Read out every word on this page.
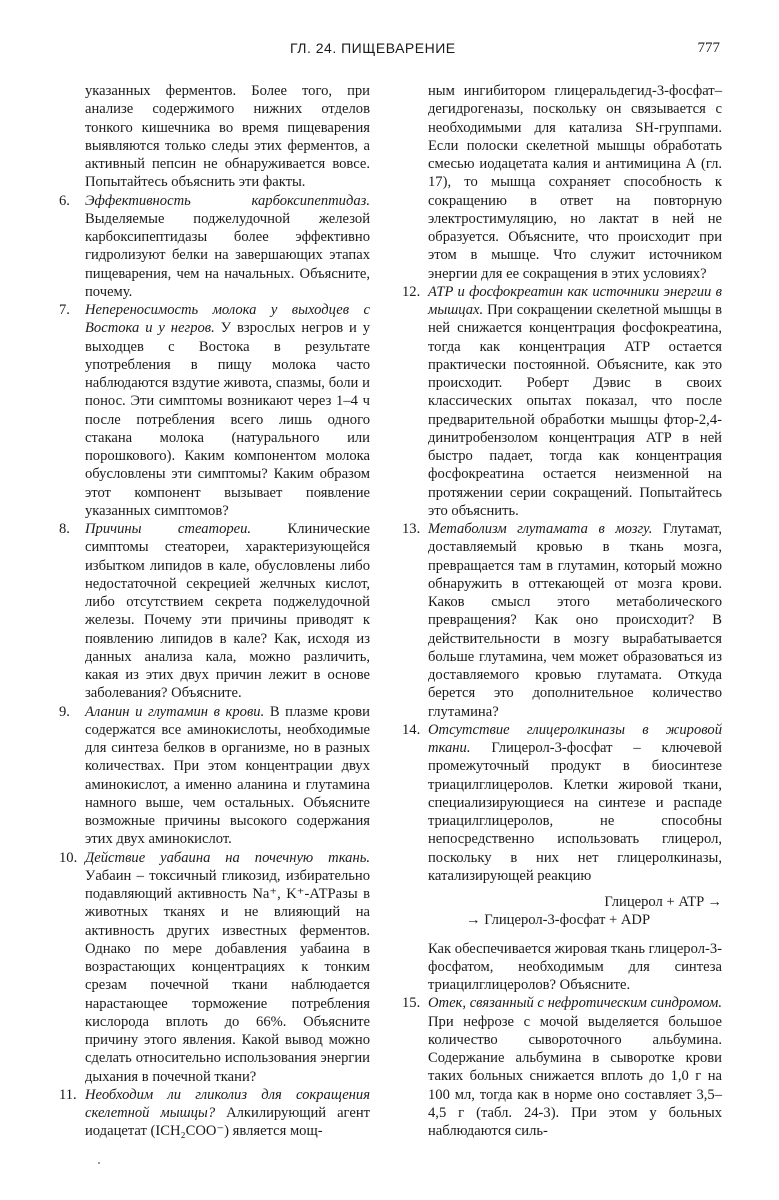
ГЛ. 24. ПИЩЕВАРЕНИЕ	777
указанных ферментов. Более того, при анализе содержимого нижних отделов тонкого кишечника во время пищеварения выявляются только следы этих ферментов, а активный пепсин не обнаруживается вовсе. Попытайтесь объяснить эти факты.
6. Эффективность карбоксипептидаз. Выделяемые поджелудочной железой карбоксипептидазы более эффективно гидролизуют белки на завершающих этапах пищеварения, чем на начальных. Объясните, почему.
7. Непереносимость молока у выходцев с Востока и у негров. У взрослых негров и у выходцев с Востока в результате употребления в пищу молока часто наблюдаются вздутие живота, спазмы, боли и понос. Эти симптомы возникают через 1–4 ч после потребления всего лишь одного стакана молока (натурального или порошкового). Каким компонентом молока обусловлены эти симптомы? Каким образом этот компонент вызывает появление указанных симптомов?
8. Причины стеатореи. Клинические симптомы стеатореи, характеризующейся избытком липидов в кале, обусловлены либо недостаточной секрецией желчных кислот, либо отсутствием секрета поджелудочной железы. Почему эти причины приводят к появлению липидов в кале? Как, исходя из данных анализа кала, можно различить, какая из этих двух причин лежит в основе заболевания? Объясните.
9. Аланин и глутамин в крови. В плазме крови содержатся все аминокислоты, необходимые для синтеза белков в организме, но в разных количествах. При этом концентрации двух аминокислот, а именно аланина и глутамина намного выше, чем остальных. Объясните возможные причины высокого содержания этих двух аминокислот.
10. Действие уабаина на почечную ткань. Уабаин – токсичный гликозид, избирательно подавляющий активность Na⁺, K⁺-АТРазы в животных тканях и не влияющий на активность других известных ферментов. Однако по мере добавления уабаина в возрастающих концентрациях к тонким срезам почечной ткани наблюдается нарастающее торможение потребления кислорода вплоть до 66%. Объясните причину этого явления. Какой вывод можно сделать относительно использования энергии дыхания в почечной ткани?
11. Необходим ли гликолиз для сокращения скелетной мышцы? Алкилирующий агент иодацетат (ICH₂COO⁻) является мощ-
ным ингибитором глицеральдегид-3-фосфат–дегидрогеназы, поскольку он связывается с необходимыми для катализа SH-группами. Если полоски скелетной мышцы обработать смесью иодацетата калия и антимицина А (гл. 17), то мышца сохраняет способность к сокращению в ответ на повторную электростимуляцию, но лактат в ней не образуется. Объясните, что происходит при этом в мышце. Что служит источником энергии для ее сокращения в этих условиях?
12. ATP и фосфокреатин как источники энергии в мышцах. При сокращении скелетной мышцы в ней снижается концентрация фосфокреатина, тогда как концентрация ATP остается практически постоянной. Объясните, как это происходит. Роберт Дэвис в своих классических опытах показал, что после предварительной обработки мышцы фтор-2,4-динитробензолом концентрация ATP в ней быстро падает, тогда как концентрация фосфокреатина остается неизменной на протяжении серии сокращений. Попытайтесь это объяснить.
13. Метаболизм глутамата в мозгу. Глутамат, доставляемый кровью в ткань мозга, превращается там в глутамин, который можно обнаружить в оттекающей от мозга крови. Каков смысл этого метаболического превращения? Как оно происходит? В действительности в мозгу вырабатывается больше глутамина, чем может образоваться из доставляемого кровью глутамата. Откуда берется это дополнительное количество глутамина?
14. Отсутствие глицеролкиназы в жировой ткани. Глицерол-3-фосфат – ключевой промежуточный продукт в биосинтезе триацилглицеролов. Клетки жировой ткани, специализирующиеся на синтезе и распаде триацилглицеролов, не способны непосредственно использовать глицерол, поскольку в них нет глицеролкиназы, катализирующей реакцию
Глицерол + ATP →
→ Глицерол-3-фосфат + ADP
Как обеспечивается жировая ткань глицерол-3-фосфатом, необходимым для синтеза триацилглицеролов? Объясните.
15. Отек, связанный с нефротическим синдромом. При нефрозе с мочой выделяется большое количество сывороточного альбумина. Содержание альбумина в сыворотке крови таких больных снижается вплоть до 1,0 г на 100 мл, тогда как в норме оно составляет 3,5–4,5 г (табл. 24-3). При этом у больных наблюдаются силь-
